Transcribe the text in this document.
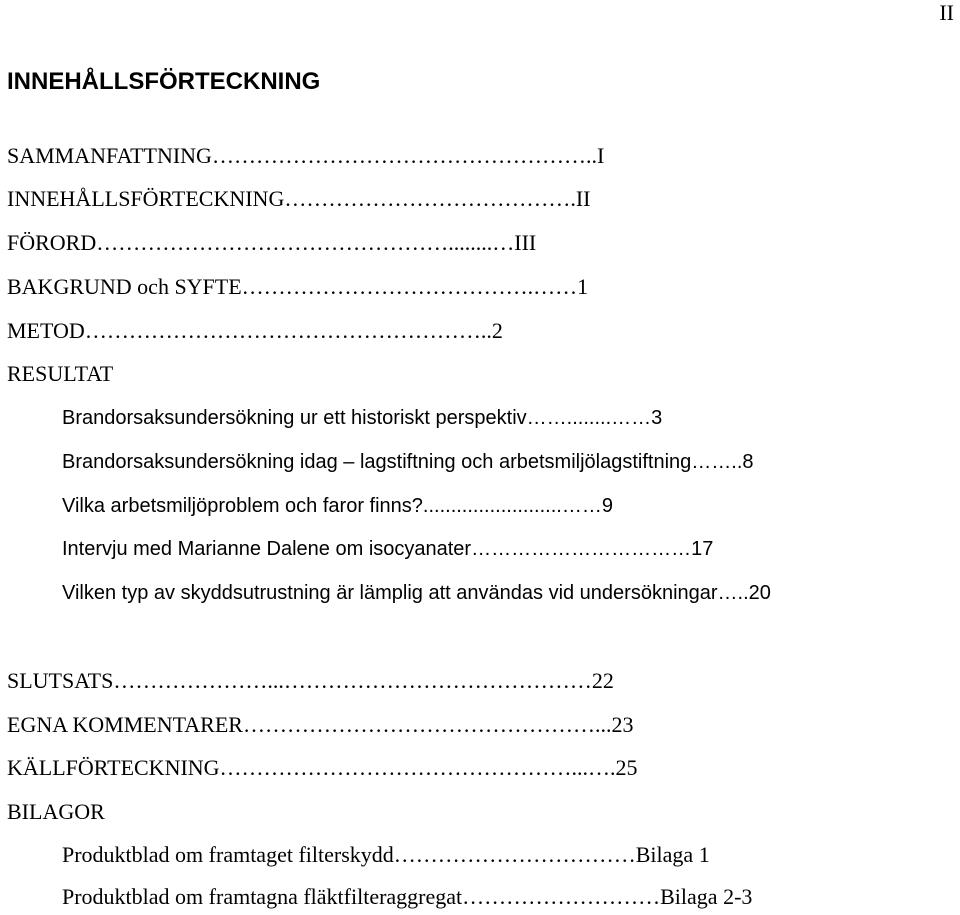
II
INNEHÅLLSFÖRTECKNING
SAMMANFATTNING……………………………………………..I
INNEHÅLLSFÖRTECKNING………………………………….II
FÖRORD…………………………………………........…III
BAKGRUND och SYFTE………………………………….……1
METOD………………………………………………..2
RESULTAT
Brandorsaksundersökning ur ett historiskt perspektiv……........……3
Brandorsaksundersökning idag – lagstiftning och arbetsmiljölagstiftning……..8
Vilka arbetsmiljöproblem och faror finns?.........................……9
Intervju med Marianne Dalene om isocyanater……………………………17
Vilken typ av skyddsutrustning är lämplig att användas vid undersökningar…..20
SLUTSATS…………………...……………………………………22
EGNA KOMMENTARER…………………………………………...23
KÄLLFÖRTECKNING…………………………………………...….25
BILAGOR
Produktblad om framtaget filterskydd……………………………Bilaga 1
Produktblad om framtagna fläktfilteraggregat………………………Bilaga 2-3
